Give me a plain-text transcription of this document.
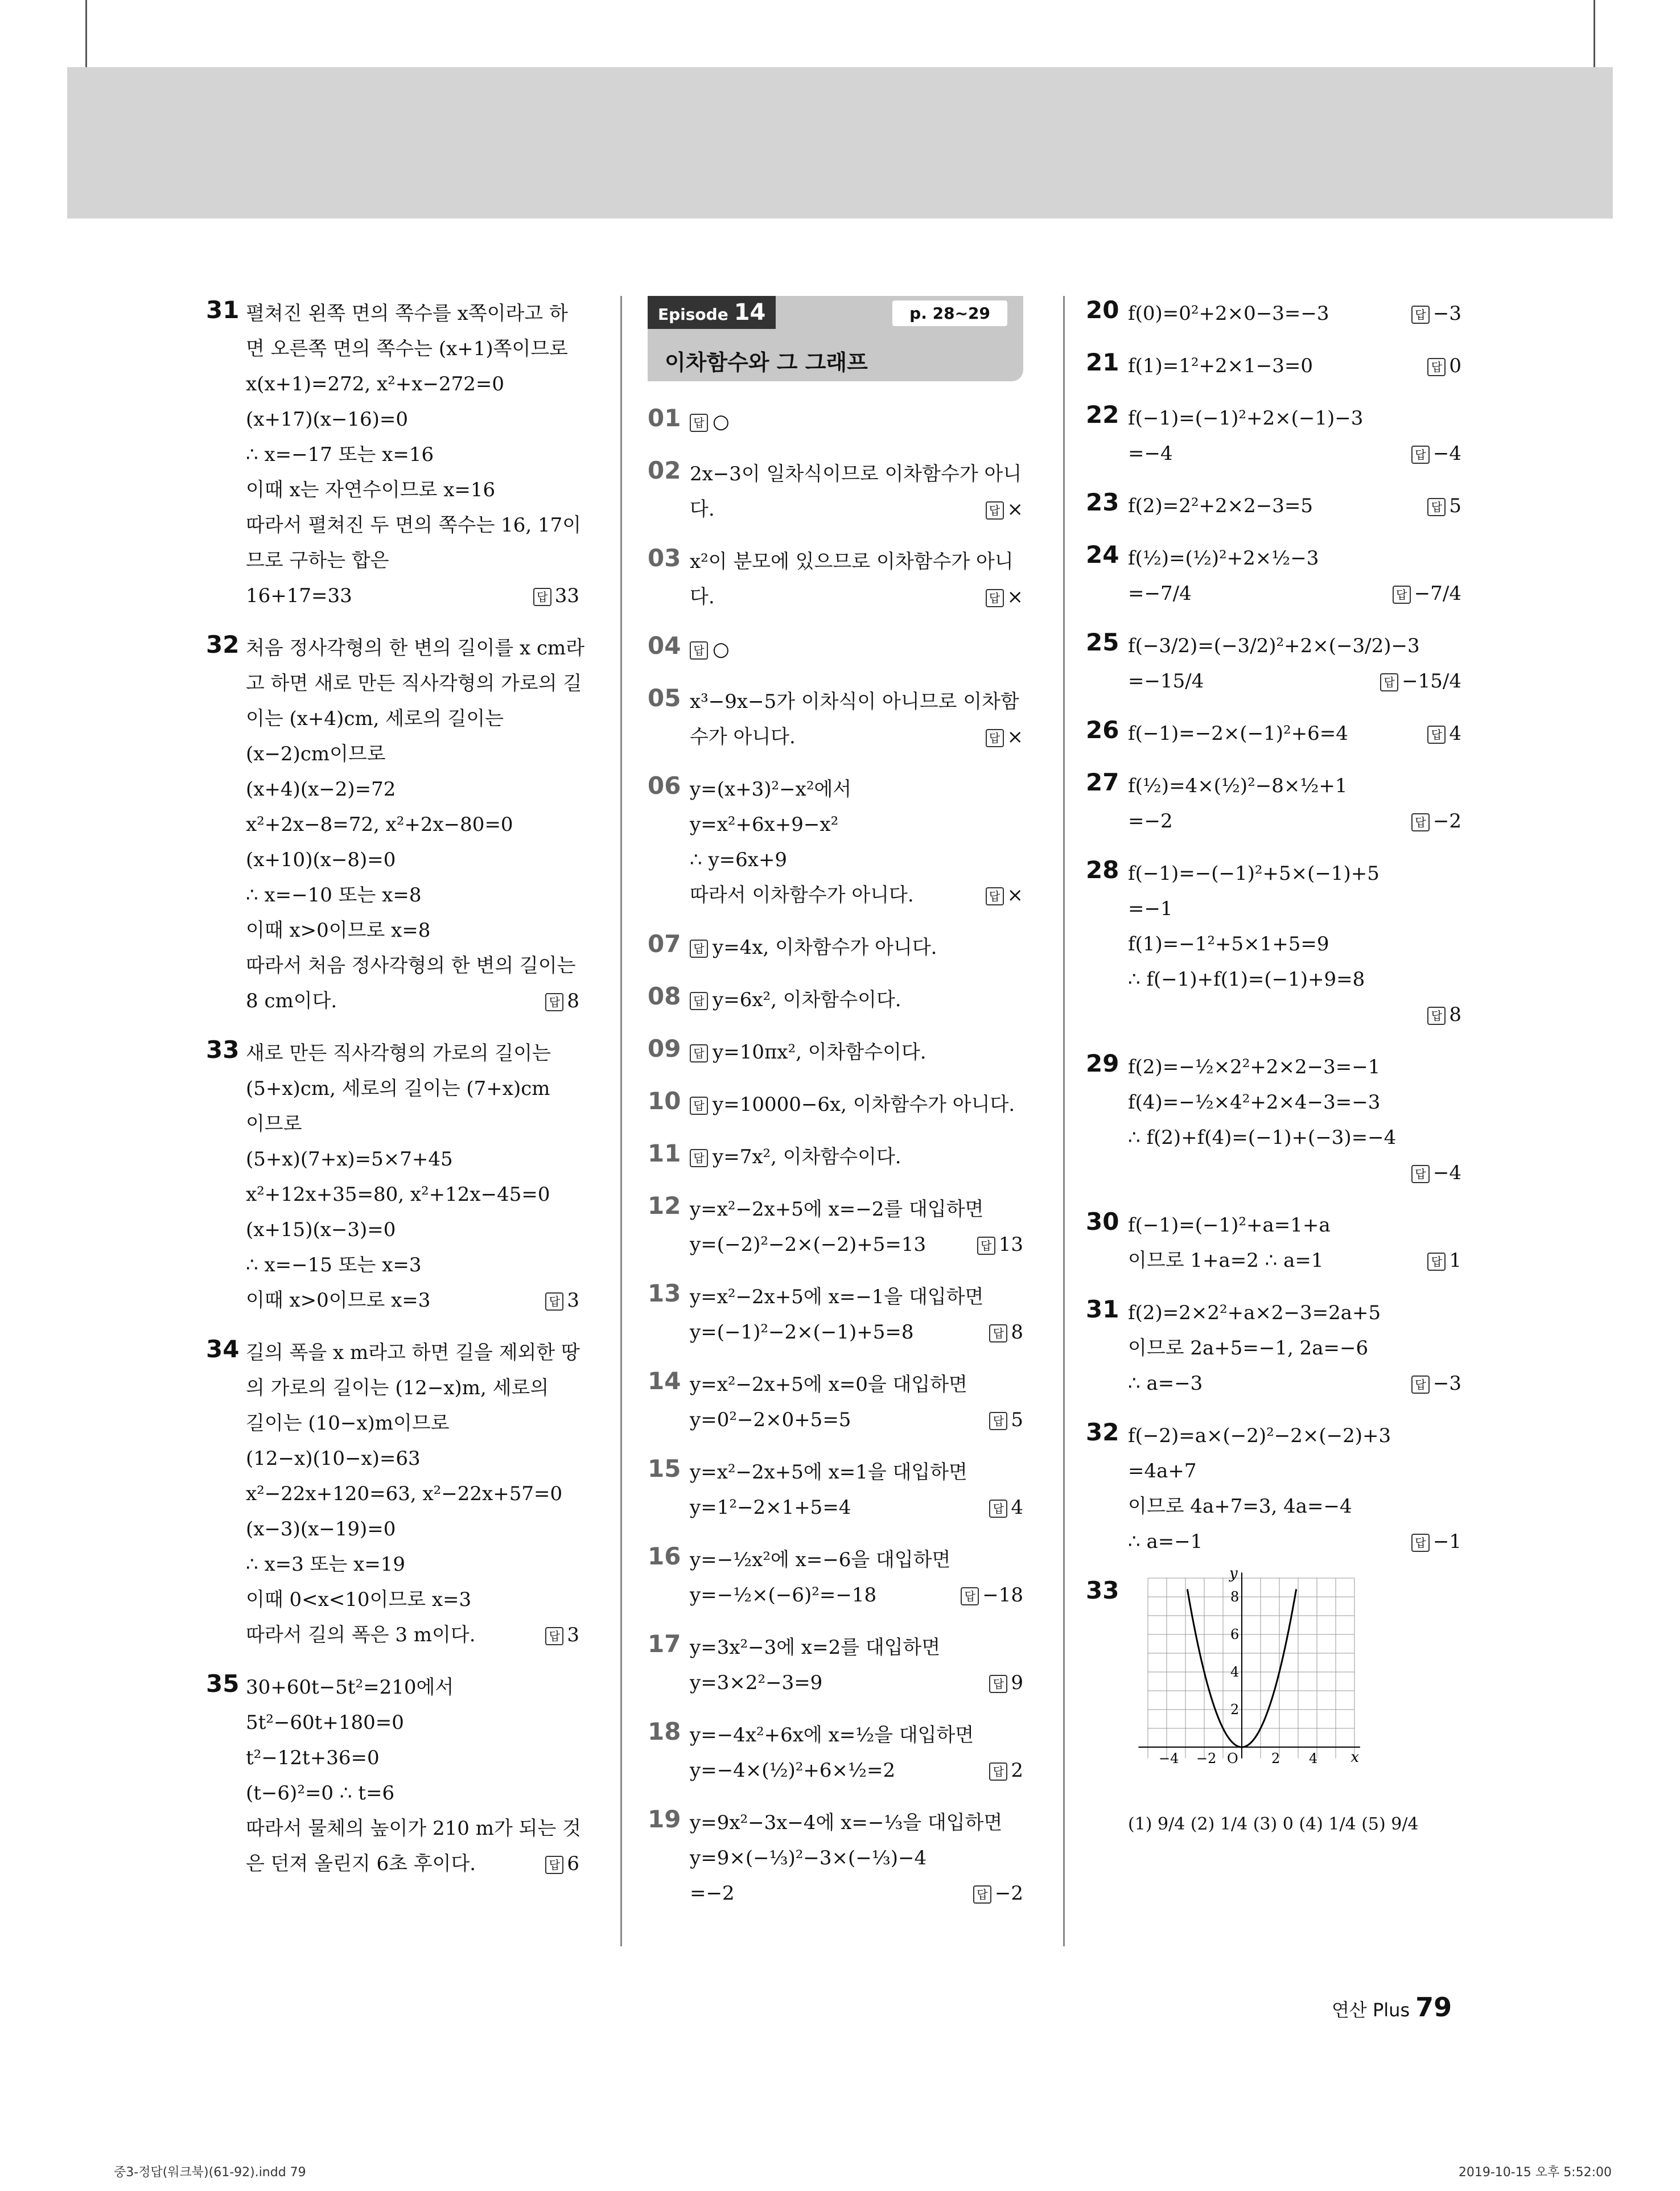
31 펼쳐진 왼쪽 면의 쪽수를 x쪽이라고 하
면 오른쪽 면의 쪽수는 (x+1)쪽이므로
x(x+1)=272, x²+x−272=0
(x+17)(x−16)=0
∴ x=−17 또는 x=16
이때 x는 자연수이므로 x=16
따라서 펼쳐진 두 면의 쪽수는 16, 17이
므로 구하는 합은
16+17=33	답 33
32 처음 정사각형의 한 변의 길이를 x cm라
고 하면 새로 만든 직사각형의 가로의 길
이는 (x+4)cm, 세로의 길이는
(x−2)cm이므로
(x+4)(x−2)=72
x²+2x−8=72, x²+2x−80=0
(x+10)(x−8)=0
∴ x=−10 또는 x=8
이때 x>0이므로 x=8
따라서 처음 정사각형의 한 변의 길이는
8 cm이다.	답 8
33 새로 만든 직사각형의 가로의 길이는
(5+x)cm, 세로의 길이는 (7+x)cm
이므로
(5+x)(7+x)=5×7+45
x²+12x+35=80, x²+12x−45=0
(x+15)(x−3)=0
∴ x=−15 또는 x=3
이때 x>0이므로 x=3	답 3
34 길의 폭을 x m라고 하면 길을 제외한 땅
의 가로의 길이는 (12−x)m, 세로의
길이는 (10−x)m이므로
(12−x)(10−x)=63
x²−22x+120=63, x²−22x+57=0
(x−3)(x−19)=0
∴ x=3 또는 x=19
이때 0<x<10이므로 x=3
따라서 길의 폭은 3 m이다.	답 3
35 30+60t−5t²=210에서
5t²−60t+180=0
t²−12t+36=0
(t−6)²=0 ∴ t=6
따라서 물체의 높이가 210 m가 되는 것
은 던져 올린지 6초 후이다.	답 6
Episode 14	p. 28~29
이차함수와 그 그래프
01	답 ○
02 2x−3이 일차식이므로 이차함수가 아니
다.	답 ×
03 x²이 분모에 있으므로 이차함수가 아니
다.	답 ×
04	답 ○
05 x³−9x−5가 이차식이 아니므로 이차함
수가 아니다.	답 ×
06 y=(x+3)²−x²에서
y=x²+6x+9−x²
∴ y=6x+9
따라서 이차함수가 아니다.	답 ×
07	답 y=4x, 이차함수가 아니다.
08	답 y=6x², 이차함수이다.
09	답 y=10πx², 이차함수이다.
10	답 y=10000−6x, 이차함수가 아니다.
11	답 y=7x², 이차함수이다.
12 y=x²−2x+5에 x=−2를 대입하면
y=(−2)²−2×(−2)+5=13	답 13
13 y=x²−2x+5에 x=−1을 대입하면
y=(−1)²−2×(−1)+5=8	답 8
14 y=x²−2x+5에 x=0을 대입하면
y=0²−2×0+5=5	답 5
15 y=x²−2x+5에 x=1을 대입하면
y=1²−2×1+5=4	답 4
16 y=−½x²에 x=−6을 대입하면
y=−½×(−6)²=−18	답 −18
17 y=3x²−3에 x=2를 대입하면
y=3×2²−3=9	답 9
18 y=−4x²+6x에 x=½을 대입하면
y=−4×(½)²+6×½=2	답 2
19 y=9x²−3x−4에 x=−⅓을 대입하면
y=9×(−⅓)²−3×(−⅓)−4
=−2	답 −2
20 f(0)=0²+2×0−3=−3	답 −3
21 f(1)=1²+2×1−3=0	답 0
22 f(−1)=(−1)²+2×(−1)−3
=−4	답 −4
23 f(2)=2²+2×2−3=5	답 5
24 f(½)=(½)²+2×½−3
=−7/4	답 −7/4
25 f(−3/2)=(−3/2)²+2×(−3/2)−3
=−15/4	답 −15/4
26 f(−1)=−2×(−1)²+6=4	답 4
27 f(½)=4×(½)²−8×½+1
=−2	답 −2
28 f(−1)=−(−1)²+5×(−1)+5
=−1
f(1)=−1²+5×1+5=9
∴ f(−1)+f(1)=(−1)+9=8
답 8
29 f(2)=−½×2²+2×2−3=−1
f(4)=−½×4²+2×4−3=−3
∴ f(2)+f(4)=(−1)+(−3)=−4
답 −4
30 f(−1)=(−1)²+a=1+a
이므로 1+a=2 ∴ a=1	답 1
31 f(2)=2×2²+a×2−3=2a+5
이므로 2a+5=−1, 2a=−6
∴ a=−3	답 −3
32 f(−2)=a×(−2)²−2×(−2)+3
=4a+7
이므로 4a+7=3, 4a=−4
∴ a=−1	답 −1
33
−4 −2	2 4
2
4
6
8
O	x
y
(1) 9/4 (2) 1/4 (3) 0 (4) 1/4 (5) 9/4
연산 Plus 79
중3-정답(워크북)(61-92).indd 79	2019-10-15 오후 5:52:00
